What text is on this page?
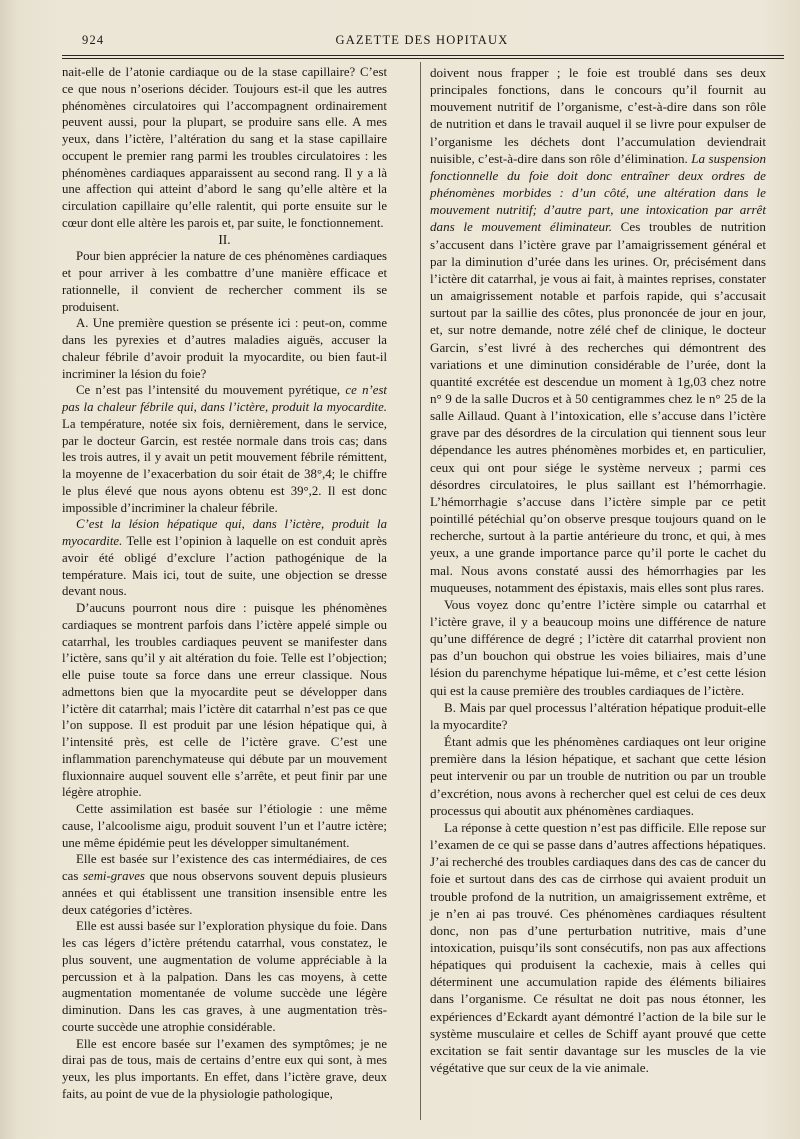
924	GAZETTE DES HOPITAUX

nait-elle de l’atonie cardiaque ou de la stase capillaire? C’est ce que nous n’oserions décider. Toujours est-il que les autres phénomènes circulatoires qui l’accompagnent ordinairement peuvent aussi, pour la plupart, se produire sans elle. A mes yeux, dans l’ictère, l’altération du sang et la stase capillaire occupent le premier rang parmi les troubles circulatoires : les phénomènes cardiaques apparaissent au second rang. Il y a là une affection qui atteint d’abord le sang qu’elle altère et la circulation capillaire qu’elle ralentit, qui porte ensuite sur le cœur dont elle altère les parois et, par suite, le fonctionnement.

II.

Pour bien apprécier la nature de ces phénomènes cardiaques et pour arriver à les combattre d’une manière efficace et rationnelle, il convient de rechercher comment ils se produisent.

A. Une première question se présente ici : peut-on, comme dans les pyrexies et d’autres maladies aiguës, accuser la chaleur fébrile d’avoir produit la myocardite, ou bien faut-il incriminer la lésion du foie?

Ce n’est pas l’intensité du mouvement pyrétique, ce n’est pas la chaleur fébrile qui, dans l’ictère, produit la myocardite. La température, notée six fois, dernièrement, dans le service, par le docteur Garcin, est restée normale dans trois cas; dans les trois autres, il y avait un petit mouvement fébrile rémittent, la moyenne de l’exacerbation du soir était de 38°,4; le chiffre le plus élevé que nous ayons obtenu est 39°,2. Il est donc impossible d’incriminer la chaleur fébrile.

C’est la lésion hépatique qui, dans l’ictère, produit la myocardite. Telle est l’opinion à laquelle on est conduit après avoir été obligé d’exclure l’action pathogénique de la température. Mais ici, tout de suite, une objection se dresse devant nous.

D’aucuns pourront nous dire : puisque les phénomènes cardiaques se montrent parfois dans l’ictère appelé simple ou catarrhal, les troubles cardiaques peuvent se manifester dans l’ictère, sans qu’il y ait altération du foie. Telle est l’objection; elle puise toute sa force dans une erreur classique. Nous admettons bien que la myocardite peut se développer dans l’ictère dit catarrhal; mais l’ictère dit catarrhal n’est pas ce que l’on suppose. Il est produit par une lésion hépatique qui, à l’intensité près, est celle de l’ictère grave. C’est une inflammation parenchymateuse qui débute par un mouvement fluxionnaire auquel souvent elle s’arrête, et peut finir par une légère atrophie.

Cette assimilation est basée sur l’étiologie : une même cause, l’alcoolisme aigu, produit souvent l’un et l’autre ictère; une même épidémie peut les développer simultanément.

Elle est basée sur l’existence des cas intermédiaires, de ces cas semi-graves que nous observons souvent depuis plusieurs années et qui établissent une transition insensible entre les deux catégories d’ictères.

Elle est aussi basée sur l’exploration physique du foie. Dans les cas légers d’ictère prétendu catarrhal, vous constatez, le plus souvent, une augmentation de volume appréciable à la percussion et à la palpation. Dans les cas moyens, à cette augmentation momentanée de volume succède une légère diminution. Dans les cas graves, à une augmentation très-courte succède une atrophie considérable.

Elle est encore basée sur l’examen des symptômes; je ne dirai pas de tous, mais de certains d’entre eux qui sont, à mes yeux, les plus importants. En effet, dans l’ictère grave, deux faits, au point de vue de la physiologie pathologique,

doivent nous frapper ; le foie est troublé dans ses deux principales fonctions, dans le concours qu’il fournit au mouvement nutritif de l’organisme, c’est-à-dire dans son rôle de nutrition et dans le travail auquel il se livre pour expulser de l’organisme les déchets dont l’accumulation deviendrait nuisible, c’est-à-dire dans son rôle d’élimination. La suspension fonctionnelle du foie doit donc entraîner deux ordres de phénomènes morbides : d’un côté, une altération dans le mouvement nutritif; d’autre part, une intoxication par arrêt dans le mouvement éliminateur. Ces troubles de nutrition s’accusent dans l’ictère grave par l’amaigrissement général et par la diminution d’urée dans les urines. Or, précisément dans l’ictère dit catarrhal, je vous ai fait, à maintes reprises, constater un amaigrissement notable et parfois rapide, qui s’accusait surtout par la saillie des côtes, plus prononcée de jour en jour, et, sur notre demande, notre zélé chef de clinique, le docteur Garcin, s’est livré à des recherches qui démontrent des variations et une diminution considérable de l’urée, dont la quantité excrétée est descendue un moment à 1g,03 chez notre n° 9 de la salle Ducros et à 50 centigrammes chez le n° 25 de la salle Aillaud. Quant à l’intoxication, elle s’accuse dans l’ictère grave par des désordres de la circulation qui tiennent sous leur dépendance les autres phénomènes morbides et, en particulier, ceux qui ont pour siége le système nerveux ; parmi ces désordres circulatoires, le plus saillant est l’hémorrhagie. L’hémorrhagie s’accuse dans l’ictère simple par ce petit pointillé pétéchial qu’on observe presque toujours quand on le recherche, surtout à la partie antérieure du tronc, et qui, à mes yeux, a une grande importance parce qu’il porte le cachet du mal. Nous avons constaté aussi des hémorrhagies par les muqueuses, notamment des épistaxis, mais elles sont plus rares.

Vous voyez donc qu’entre l’ictère simple ou catarrhal et l’ictère grave, il y a beaucoup moins une différence de nature qu’une différence de degré ; l’ictère dit catarrhal provient non pas d’un bouchon qui obstrue les voies biliaires, mais d’une lésion du parenchyme hépatique lui-même, et c’est cette lésion qui est la cause première des troubles cardiaques de l’ictère.

B. Mais par quel processus l’altération hépatique produit-elle la myocardite?

Étant admis que les phénomènes cardiaques ont leur origine première dans la lésion hépatique, et sachant que cette lésion peut intervenir ou par un trouble de nutrition ou par un trouble d’excrétion, nous avons à rechercher quel est celui de ces deux processus qui aboutit aux phénomènes cardiaques.

La réponse à cette question n’est pas difficile. Elle repose sur l’examen de ce qui se passe dans d’autres affections hépatiques. J’ai recherché des troubles cardiaques dans des cas de cancer du foie et surtout dans des cas de cirrhose qui avaient produit un trouble profond de la nutrition, un amaigrissement extrême, et je n’en ai pas trouvé. Ces phénomènes cardiaques résultent donc, non pas d’une perturbation nutritive, mais d’une intoxication, puisqu’ils sont consécutifs, non pas aux affections hépatiques qui produisent la cachexie, mais à celles qui déterminent une accumulation rapide des éléments biliaires dans l’organisme. Ce résultat ne doit pas nous étonner, les expériences d’Eckardt ayant démontré l’action de la bile sur le système musculaire et celles de Schiff ayant prouvé que cette excitation se fait sentir davantage sur les muscles de la vie végétative que sur ceux de la vie animale.
